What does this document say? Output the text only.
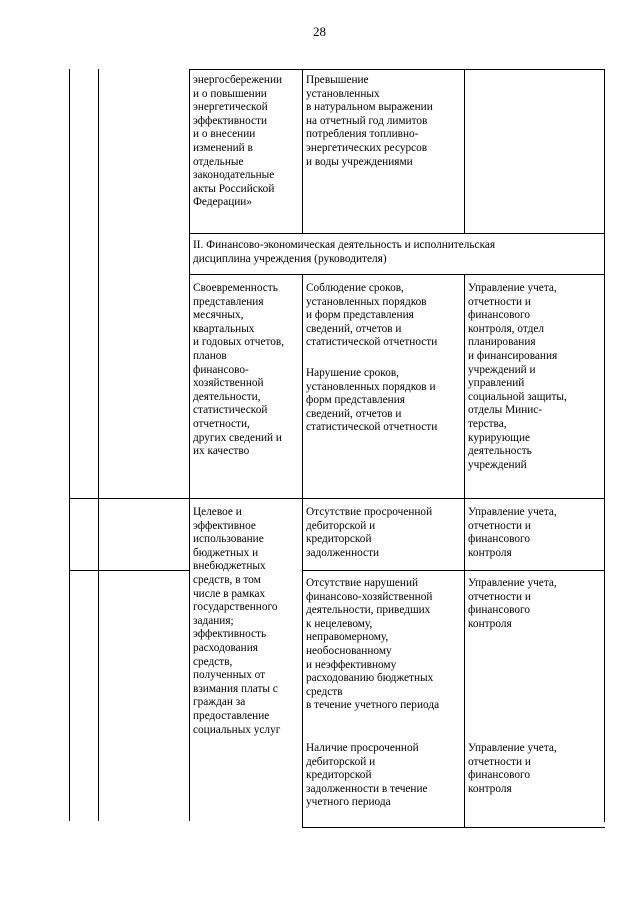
28

энергосбережении
и о повышении
энергетической
эффективности
и о внесении
изменений в
отдельные
законодательные
акты Российской
Федерации»

Превышение
установленных
в натуральном выражении
на отчетный год лимитов
потребления топливно-
энергетических ресурсов
и воды учреждениями

II. Финансово-экономическая деятельность и исполнительская
дисциплина учреждения (руководителя)

Своевременность
представления
месячных,
квартальных
и годовых отчетов,
планов
финансово-
хозяйственной
деятельности,
статистической
отчетности,
других сведений и
их качество

Соблюдение сроков,
установленных порядков
и форм представления
сведений, отчетов и
статистической отчетности

Нарушение сроков,
установленных порядков и
форм представления
сведений, отчетов и
статистической отчетности

Управление учета,
отчетности и
финансового
контроля, отдел
планирования
и финансирования
учреждений и
управлений
социальной защиты,
отделы Минис-
терства,
курирующие
деятельность
учреждений

Целевое и
эффективное
использование
бюджетных и
внебюджетных
средств, в том
числе в рамках
государственного
задания;
эффективность
расходования
средств,
полученных от
взимания платы с
граждан за
предоставление
социальных услуг

Отсутствие просроченной
дебиторской и
кредиторской
задолженности

Управление учета,
отчетности и
финансового
контроля

Отсутствие нарушений
финансово-хозяйственной
деятельности, приведших
к нецелевому,
неправомерному,
необоснованному
и неэффективному
расходованию бюджетных
средств
в течение учетного периода

Управление учета,
отчетности и
финансового
контроля

Наличие просроченной
дебиторской и
кредиторской
задолженности в течение
учетного периода

Управление учета,
отчетности и
финансового
контроля
